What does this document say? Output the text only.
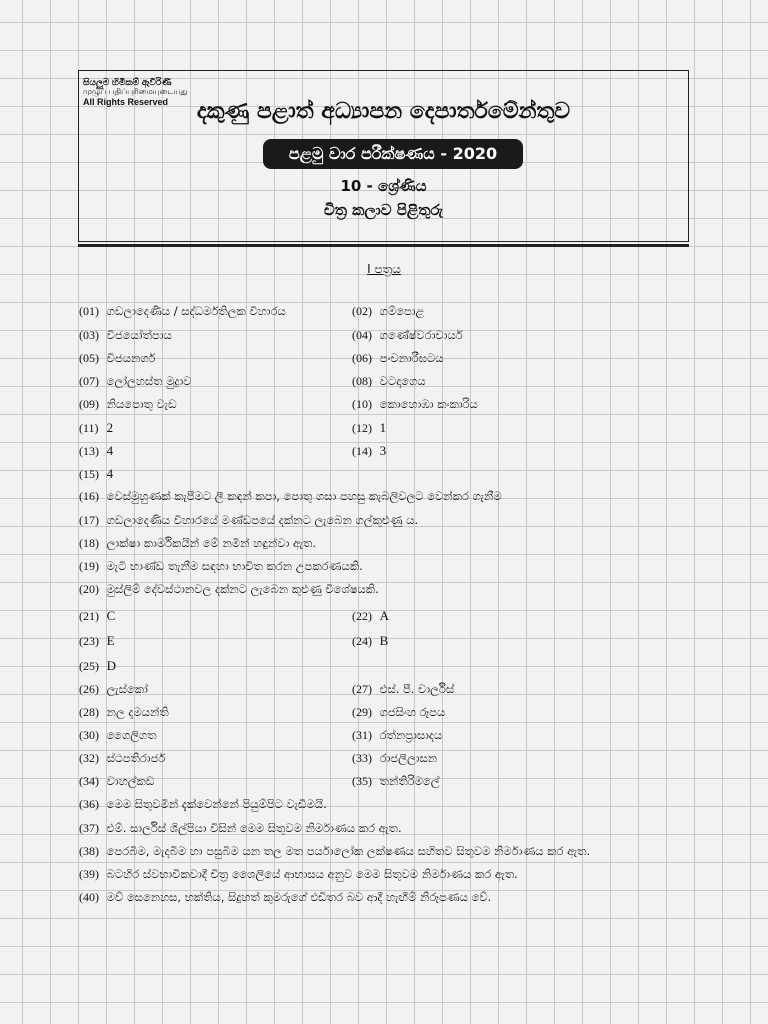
සියලුම හිමිකම් ඇවිරිණි
முழுப் பதிப்புரிமையுடையது
All Rights Reserved	දකුණු පළාත් අධ්‍යාපන දෙපාර්තමේන්තුව
පළමු වාර පරීක්ෂණය - 2020
10 - ශ්‍රේණිය
චිත්‍ර කලාව පිළිතුරු
I පත්‍රය
(01) ගඩලාදෙණිය / සද්ධර්මතිලක විහාරය	(02) ගම්පොළ
(03) විජයෝත්පාය	(04) ගණේෂ්වරාචාර්ය
(05) විජයනගර්	(06) පංචනාරීඝටය
(07) ලෝලහස්ත මුද්‍රාව	(08) වටදාගෙය
(09) නියපොතු වැඩ	(10) කොහොඹා කංකාරිය
(11) 2	(12) 1
(13) 4	(14) 3
(15) 4
(16) වෙස්මුහුණක් කැපීමට ලී කඳන් කපා, පොතු ගසා පහසු කැබලිවලට වෙන්කර ගැනීම
(17) ගඩලාදෙණිය විහාරයේ මණ්ඩපයේ දක්නට ලැබෙන ගල්කුළුණු ය.
(18) ලාක්ෂා කාර්මිකයින් මේ නමින් හඳුන්වා ඇත.
(19) මැටි භාණ්ඩ තැනීම සඳහා භාවිත කරන උපකරණයකි.
(20) මුස්ලිම් දේවස්ථානවල දක්නට ලැබෙන කුළුණු විශේෂයකි.
(21) C	(22) A
(23) E	(24) B
(25) D
(26) ලැස්කෝ	(27) එස්. පී. චාර්ලිස්
(28) නල දමයන්ති	(29) ගජසිංහ රූපය
(30) ගෛලිගත	(31) රත්නප්‍රාසාදය
(32) ස්ථපතිරාජර්	(33) රාජලීලාසන
(34) වාහල්කඩ	(35) තන්තිරිමලේ
(36) මෙම සිතුවමින් දැක්වෙන්නේ පියුම්පිට වැඩීමයි.
(37) එම්. සාර්ලිස් ශිල්පියා විසින් මෙම සිතුවම නිර්මාණය කර ඇත.
(38) පෙරබිම, මැදබිම හා පසුබිම යන තල මත පර්යාලෝක ලක්ෂණය සහිතව සිතුවම නිර්මාණය කර ඇත.
(39) බටහිර ස්වභාවිකවාදී චිත්‍ර ශෛලියේ ආභාසය අනුව මෙම සිතුවම නිර්මාණය කර ඇත.
(40) මව් සෙනෙහස, භක්තිය, සිදුහත් කුමරුගේ එඩිතර බව ආදී හැඟීම් නිරූපණය වේ.
